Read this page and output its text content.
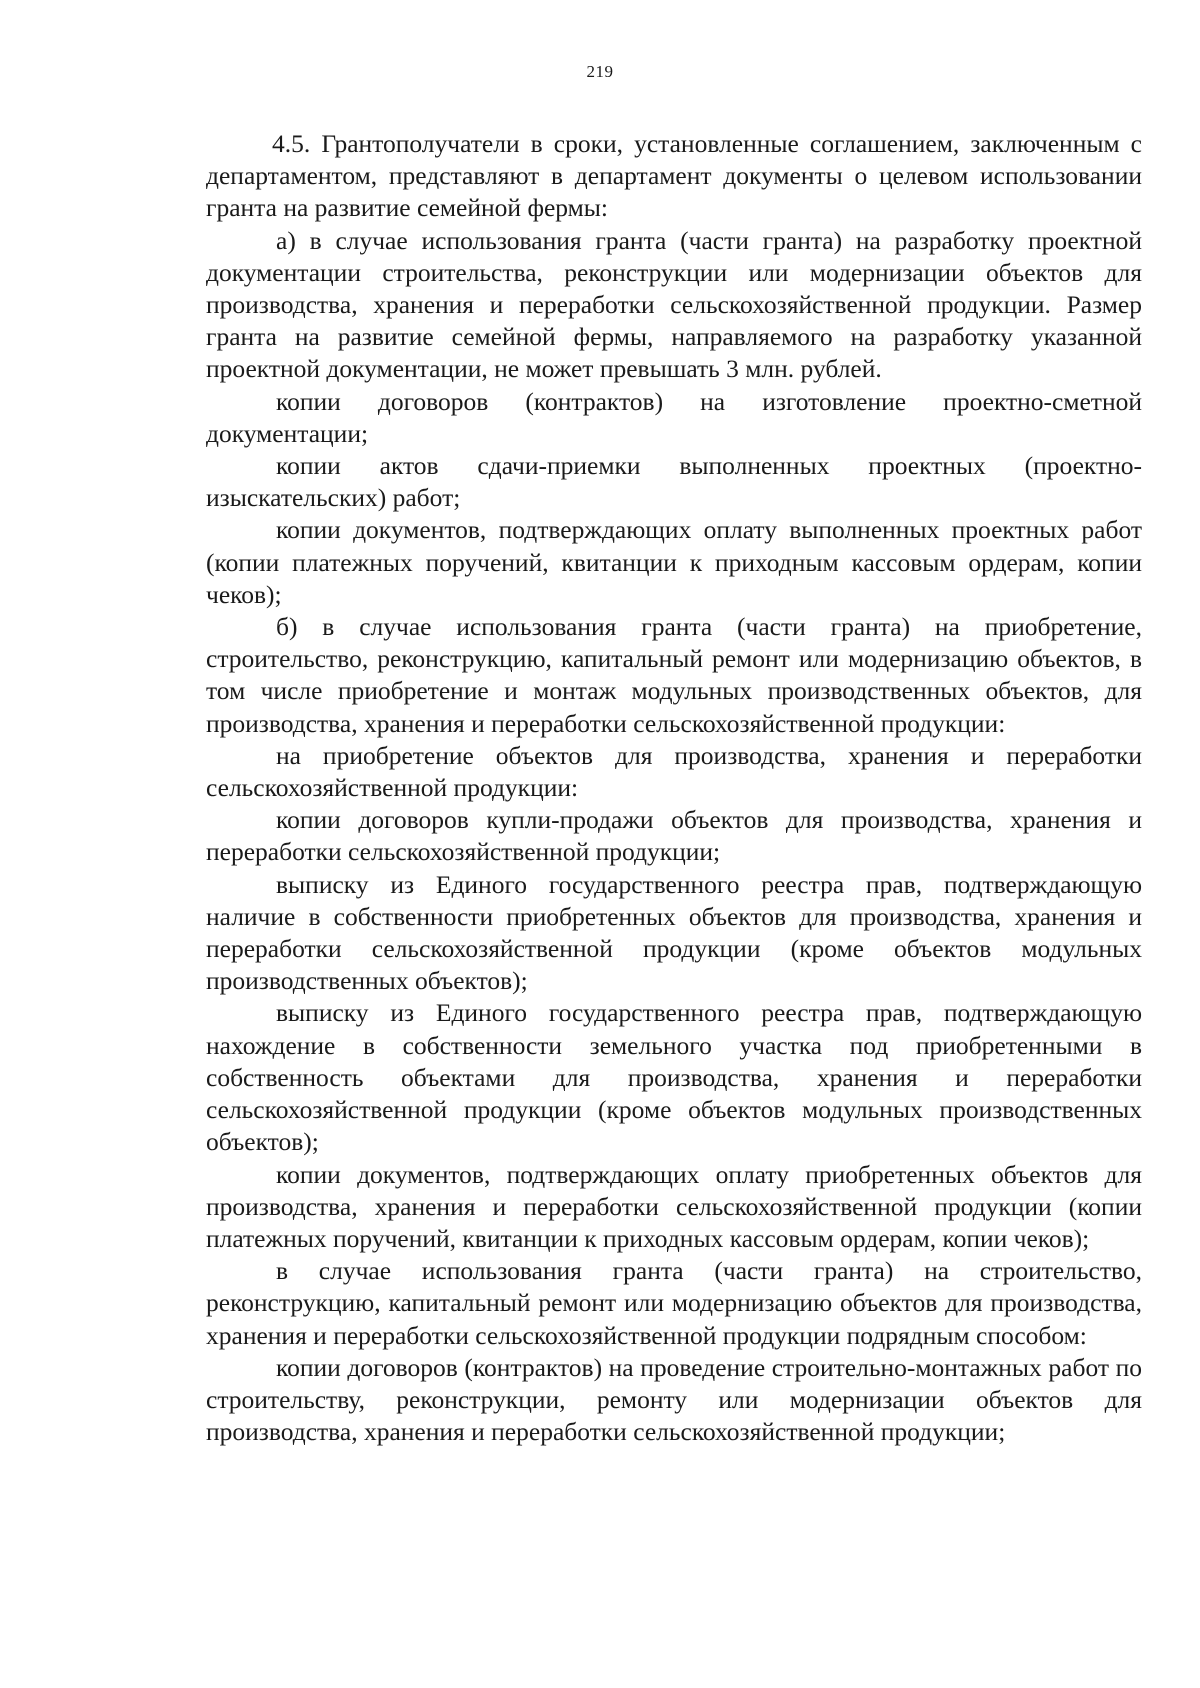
219

4.5. Грантополучатели в сроки, установленные соглашением, заключенным с департаментом, представляют в департамент документы о целевом использовании гранта на развитие семейной фермы:

а) в случае использования гранта (части гранта) на разработку проектной документации строительства, реконструкции или модернизации объектов для производства, хранения и переработки сельскохозяйственной продукции. Размер гранта на развитие семейной фермы, направляемого на разработку указанной проектной документации, не может превышать 3 млн. рублей.

копии договоров (контрактов) на изготовление проектно-сметной документации;

копии актов сдачи-приемки выполненных проектных (проектно-изыскательских) работ;

копии документов, подтверждающих оплату выполненных проектных работ (копии платежных поручений, квитанции к приходным кассовым ордерам, копии чеков);

б) в случае использования гранта (части гранта) на приобретение, строительство, реконструкцию, капитальный ремонт или модернизацию объектов, в том числе приобретение и монтаж модульных производственных объектов, для производства, хранения и переработки сельскохозяйственной продукции:

на приобретение объектов для производства, хранения и переработки сельскохозяйственной продукции:

копии договоров купли-продажи объектов для производства, хранения и переработки сельскохозяйственной продукции;

выписку из Единого государственного реестра прав, подтверждающую наличие в собственности приобретенных объектов для производства, хранения и переработки сельскохозяйственной продукции (кроме объектов модульных производственных объектов);

выписку из Единого государственного реестра прав, подтверждающую нахождение в собственности земельного участка под приобретенными в собственность объектами для производства, хранения и переработки сельскохозяйственной продукции (кроме объектов модульных производственных объектов);

копии документов, подтверждающих оплату приобретенных объектов для производства, хранения и переработки сельскохозяйственной продукции (копии платежных поручений, квитанции к приходных кассовым ордерам, копии чеков);

в случае использования гранта (части гранта) на строительство, реконструкцию, капитальный ремонт или модернизацию объектов для производства, хранения и переработки сельскохозяйственной продукции подрядным способом:

копии договоров (контрактов) на проведение строительно-монтажных работ по строительству, реконструкции, ремонту или модернизации объектов для производства, хранения и переработки сельскохозяйственной продукции;
